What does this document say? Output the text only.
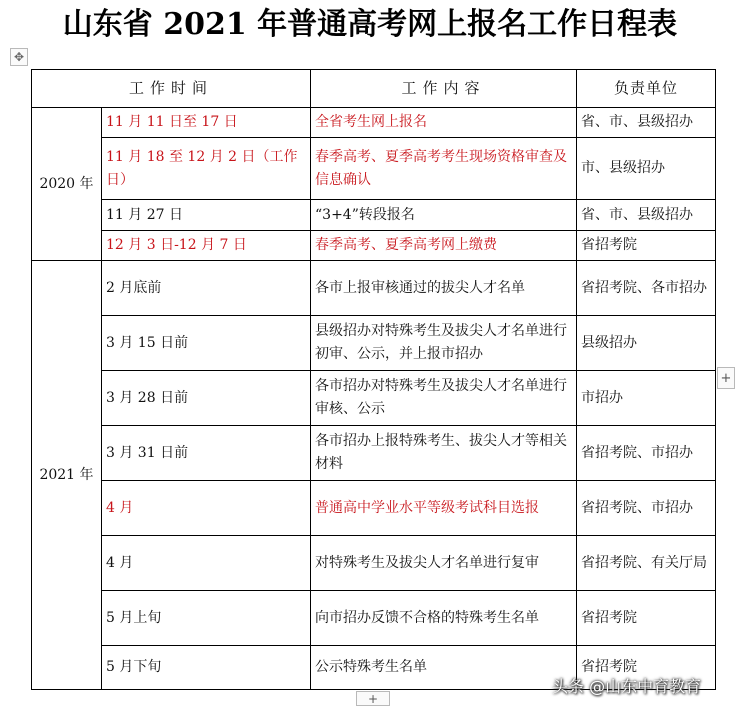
山东省 2021 年普通高考网上报名工作日程表
✥
工作时间		工作内容	负责单位
2020 年	11 月 11 日至 17 日	全省考生网上报名	省、市、县级招办
	11 月 18 至 12 月 2 日（工作日）	春季高考、夏季高考考生现场资格审查及信息确认	市、县级招办
	11 月 27 日	“3+4”转段报名	省、市、县级招办
	12 月 3 日-12 月 7 日	春季高考、夏季高考网上缴费	省招考院
2021 年	2 月底前	各市上报审核通过的拔尖人才名单	省招考院、各市招办
	3 月 15 日前	县级招办对特殊考生及拔尖人才名单进行初审、公示，并上报市招办	县级招办
	3 月 28 日前	各市招办对特殊考生及拔尖人才名单进行审核、公示	市招办
	3 月 31 日前	各市招办上报特殊考生、拔尖人才等相关材料	省招考院、市招办
	4 月	普通高中学业水平等级考试科目选报	省招考院、市招办
	4 月	对特殊考生及拔尖人才名单进行复审	省招考院、有关厅局
	5 月上旬	向市招办反馈不合格的特殊考生名单	省招考院
	5 月下旬	公示特殊考生名单	省招考院
+
+
头条 @山东中育教育
